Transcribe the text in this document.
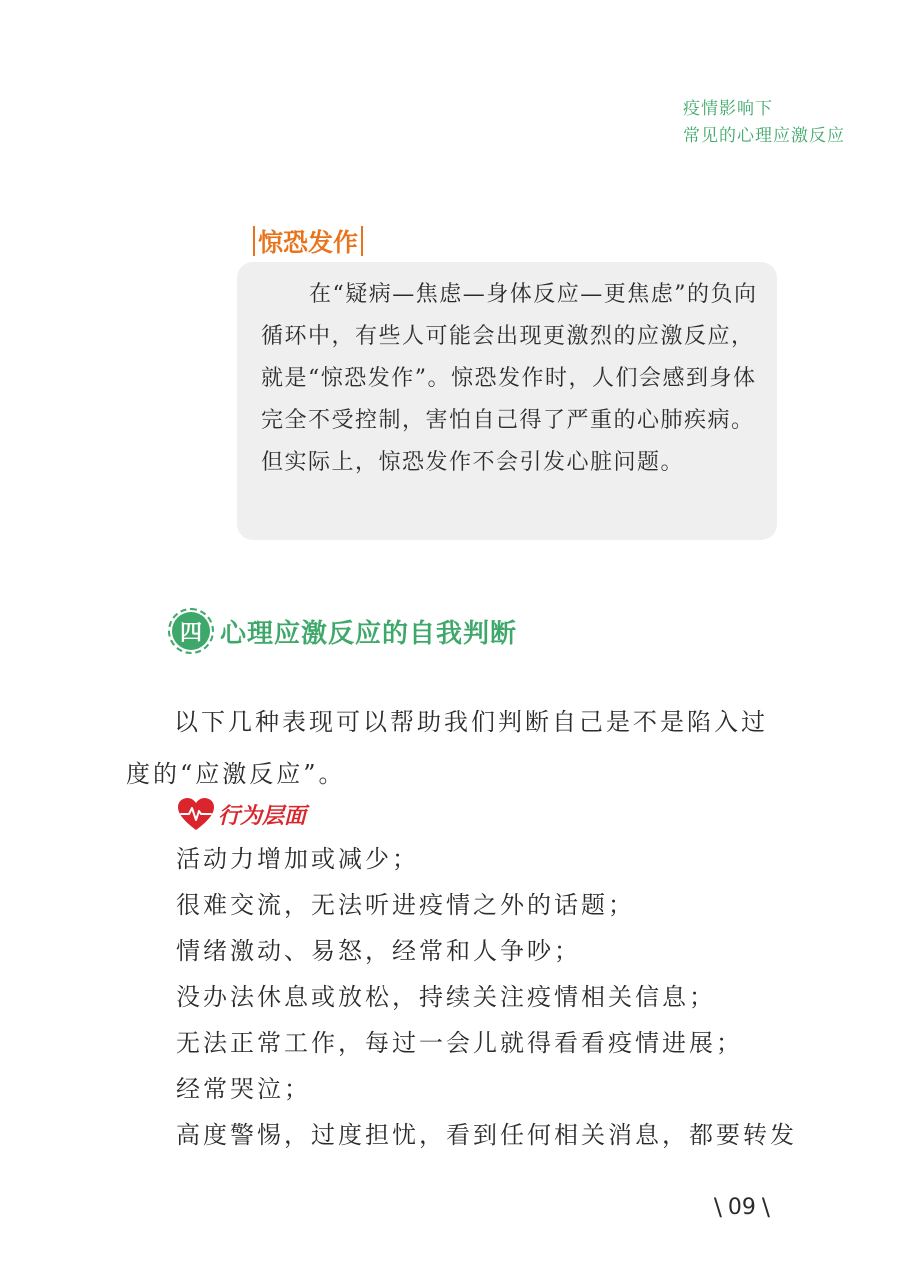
疫情影响下
常见的心理应激反应
惊恐发作

在“疑病—焦虑—身体反应—更焦虑”的负向循环中，有些人可能会出现更激烈的应激反应，就是“惊恐发作”。惊恐发作时，人们会感到身体完全不受控制，害怕自己得了严重的心肺疾病。但实际上，惊恐发作不会引发心脏问题。

四 心理应激反应的自我判断

以下几种表现可以帮助我们判断自己是不是陷入过度的“应激反应”。

行为层面
活动力增加或减少；
很难交流，无法听进疫情之外的话题；
情绪激动、易怒，经常和人争吵；
没办法休息或放松，持续关注疫情相关信息；
无法正常工作，每过一会儿就得看看疫情进展；
经常哭泣；
高度警惕，过度担忧，看到任何相关消息，都要转发
\ 09 \
